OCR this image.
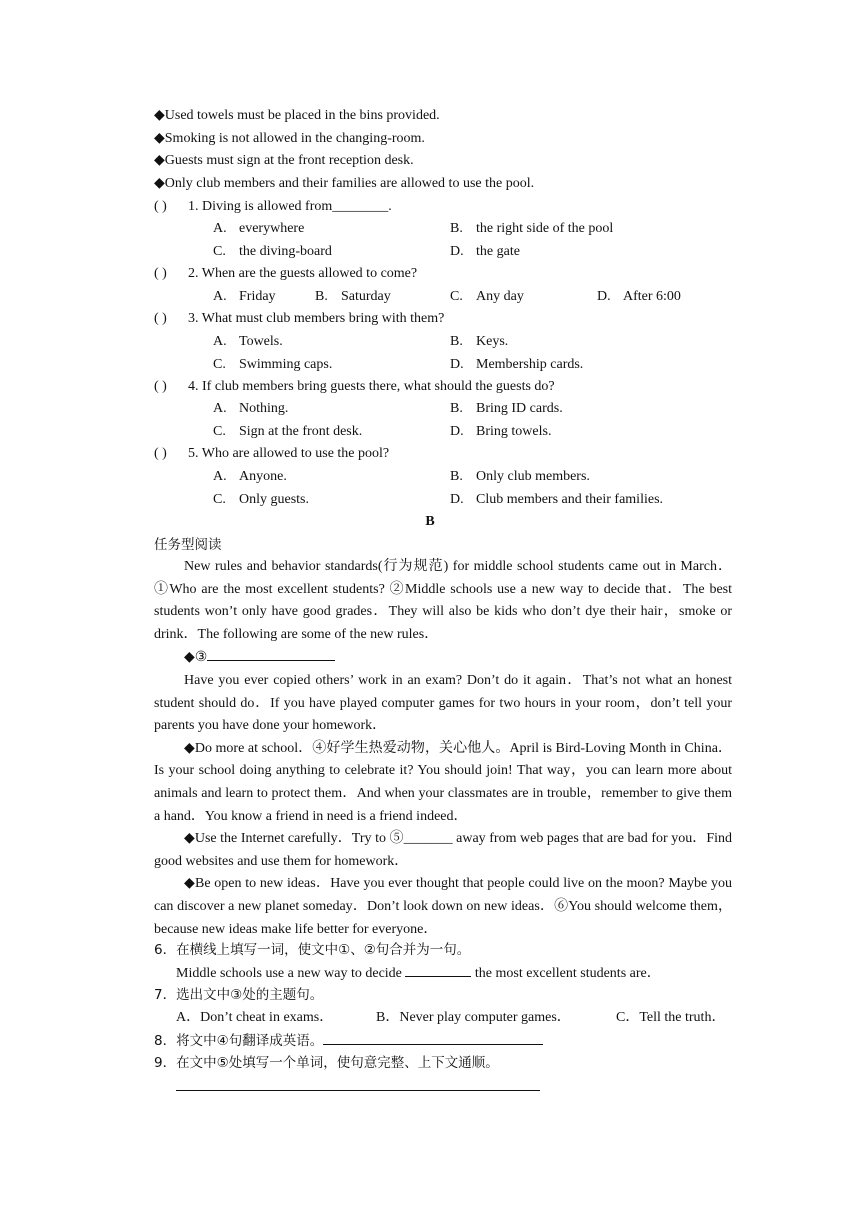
◆Used towels must be placed in the bins provided.
◆Smoking is not allowed in the changing-room.
◆Guests must sign at the front reception desk.
◆Only club members and their families are allowed to use the pool.
( ) 1. Diving is allowed from________.
A. everywhere	B. the right side of the pool
C. the diving-board	D. the gate
( ) 2. When are the guests allowed to come?
A. Friday	B. Saturday	C. Any day	D. After 6:00
( ) 3. What must club members bring with them?
A. Towels.	B. Keys.
C. Swimming caps.	D. Membership cards.
( ) 4. If club members bring guests there, what should the guests do?
A. Nothing.	B. Bring ID cards.
C. Sign at the front desk.	D. Bring towels.
( ) 5. Who are allowed to use the pool?
A. Anyone.	B. Only club members.
C. Only guests.	D. Club members and their families.
B
任务型阅读

New rules and behavior standards(行为规范) for middle school students came out in March．①Who are the most excellent students? ②Middle schools use a new way to decide that．The best students won’t only have good grades．They will also be kids who don’t dye their hair，smoke or drink．The following are some of the new rules．

◆③

Have you ever copied others’ work in an exam? Don’t do it again．That’s not what an honest student should do．If you have played computer games for two hours in your room，don’t tell your parents you have done your homework．

◆Do more at school．④好学生热爱动物，关心他人。April is Bird-Loving Month in China．Is your school doing anything to celebrate it? You should join! That way，you can learn more about animals and learn to protect them．And when your classmates are in trouble，remember to give them a hand．You know a friend in need is a friend indeed．

◆Use the Internet carefully．Try to ⑤_______ away from web pages that are bad for you．Find good websites and use them for homework．

◆Be open to new ideas．Have you ever thought that people could live on the moon? Maybe you can discover a new planet someday．Don’t look down on new ideas．⑥You should welcome them，because new ideas make life better for everyone．

6．在横线上填写一词，使文中①、②句合并为一句。
Middle schools use a new way to decide	the most excellent students are．
7．选出文中③处的主题句。
A．Don’t cheat in exams．	B．Never play computer games．	C．Tell the truth．
8．将文中④句翻译成英语。
9．在文中⑤处填写一个单词，使句意完整、上下文通顺。
